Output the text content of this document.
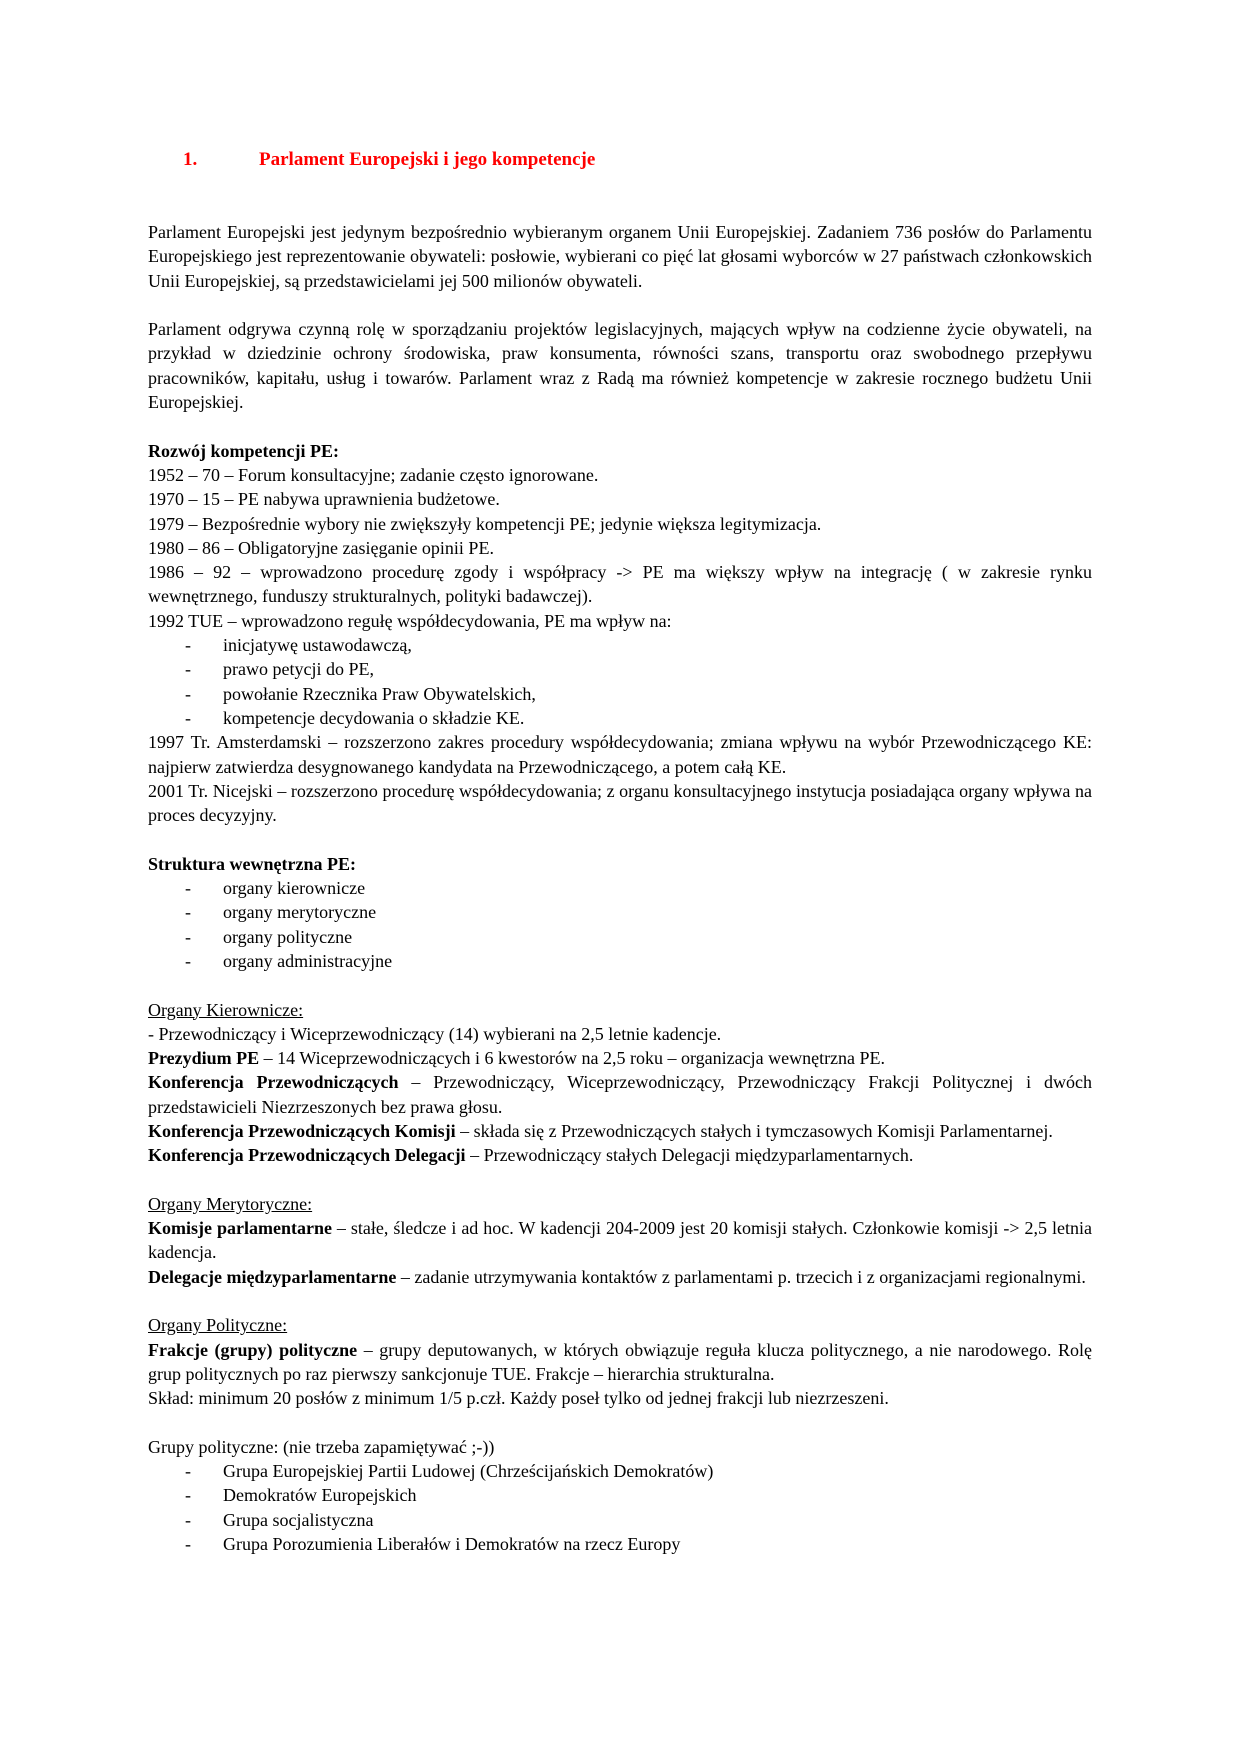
1.	Parlament Europejski i jego kompetencje

Parlament Europejski jest jedynym bezpośrednio wybieranym organem Unii Europejskiej. Zadaniem 736 posłów do Parlamentu Europejskiego jest reprezentowanie obywateli: posłowie, wybierani co pięć lat głosami wyborców w 27 państwach członkowskich Unii Europejskiej, są przedstawicielami jej 500 milionów obywateli.

Parlament odgrywa czynną rolę w sporządzaniu projektów legislacyjnych, mających wpływ na codzienne życie obywateli, na przykład w dziedzinie ochrony środowiska, praw konsumenta, równości szans, transportu oraz swobodnego przepływu pracowników, kapitału, usług i towarów. Parlament wraz z Radą ma również kompetencje w zakresie rocznego budżetu Unii Europejskiej.

Rozwój kompetencji PE:

1952 – 70 – Forum konsultacyjne; zadanie często ignorowane.

1970 – 15 – PE nabywa uprawnienia budżetowe.

1979 – Bezpośrednie wybory nie zwiększyły kompetencji PE; jedynie większa legitymizacja.

1980 – 86 – Obligatoryjne zasięganie opinii PE.

1986 – 92 – wprowadzono procedurę zgody i współpracy -> PE ma większy wpływ na integrację ( w zakresie rynku wewnętrznego, funduszy strukturalnych, polityki badawczej).

1992 TUE – wprowadzono regułę współdecydowania, PE ma wpływ na:

- inicjatywę ustawodawczą,
- prawo petycji do PE,
- powołanie Rzecznika Praw Obywatelskich,
- kompetencje decydowania o składzie KE.

1997 Tr. Amsterdamski – rozszerzono zakres procedury współdecydowania; zmiana wpływu na wybór Przewodniczącego KE: najpierw zatwierdza desygnowanego kandydata na Przewodniczącego, a potem całą KE.

2001 Tr. Nicejski – rozszerzono procedurę współdecydowania; z organu konsultacyjnego instytucja posiadająca organy wpływa na proces decyzyjny.

Struktura wewnętrzna PE:

- organy kierownicze
- organy merytoryczne
- organy polityczne
- organy administracyjne

Organy Kierownicze:

- Przewodniczący i Wiceprzewodniczący (14) wybierani na 2,5 letnie kadencje.

Prezydium PE – 14 Wiceprzewodniczących i 6 kwestorów na 2,5 roku – organizacja wewnętrzna PE.

Konferencja Przewodniczących – Przewodniczący, Wiceprzewodniczący, Przewodniczący Frakcji Politycznej i dwóch przedstawicieli Niezrzeszonych bez prawa głosu.

Konferencja Przewodniczących Komisji – składa się z Przewodniczących stałych i tymczasowych Komisji Parlamentarnej.

Konferencja Przewodniczących Delegacji – Przewodniczący stałych Delegacji międzyparlamentarnych.

Organy Merytoryczne:

Komisje parlamentarne – stałe, śledcze i ad hoc. W kadencji 204-2009 jest 20 komisji stałych. Członkowie komisji -> 2,5 letnia kadencja.

Delegacje międzyparlamentarne – zadanie utrzymywania kontaktów z parlamentami p. trzecich i z organizacjami regionalnymi.

Organy Polityczne:

Frakcje (grupy) polityczne – grupy deputowanych, w których obwiązuje reguła klucza politycznego, a nie narodowego. Rolę grup politycznych po raz pierwszy sankcjonuje TUE. Frakcje – hierarchia strukturalna.

Skład: minimum 20 posłów z minimum 1/5 p.czł. Każdy poseł tylko od jednej frakcji lub niezrzeszeni.

Grupy polityczne: (nie trzeba zapamiętywać ;-))

- Grupa Europejskiej Partii Ludowej (Chrześcijańskich Demokratów)
- Demokratów Europejskich
- Grupa socjalistyczna
- Grupa Porozumienia Liberałów i Demokratów na rzecz Europy
